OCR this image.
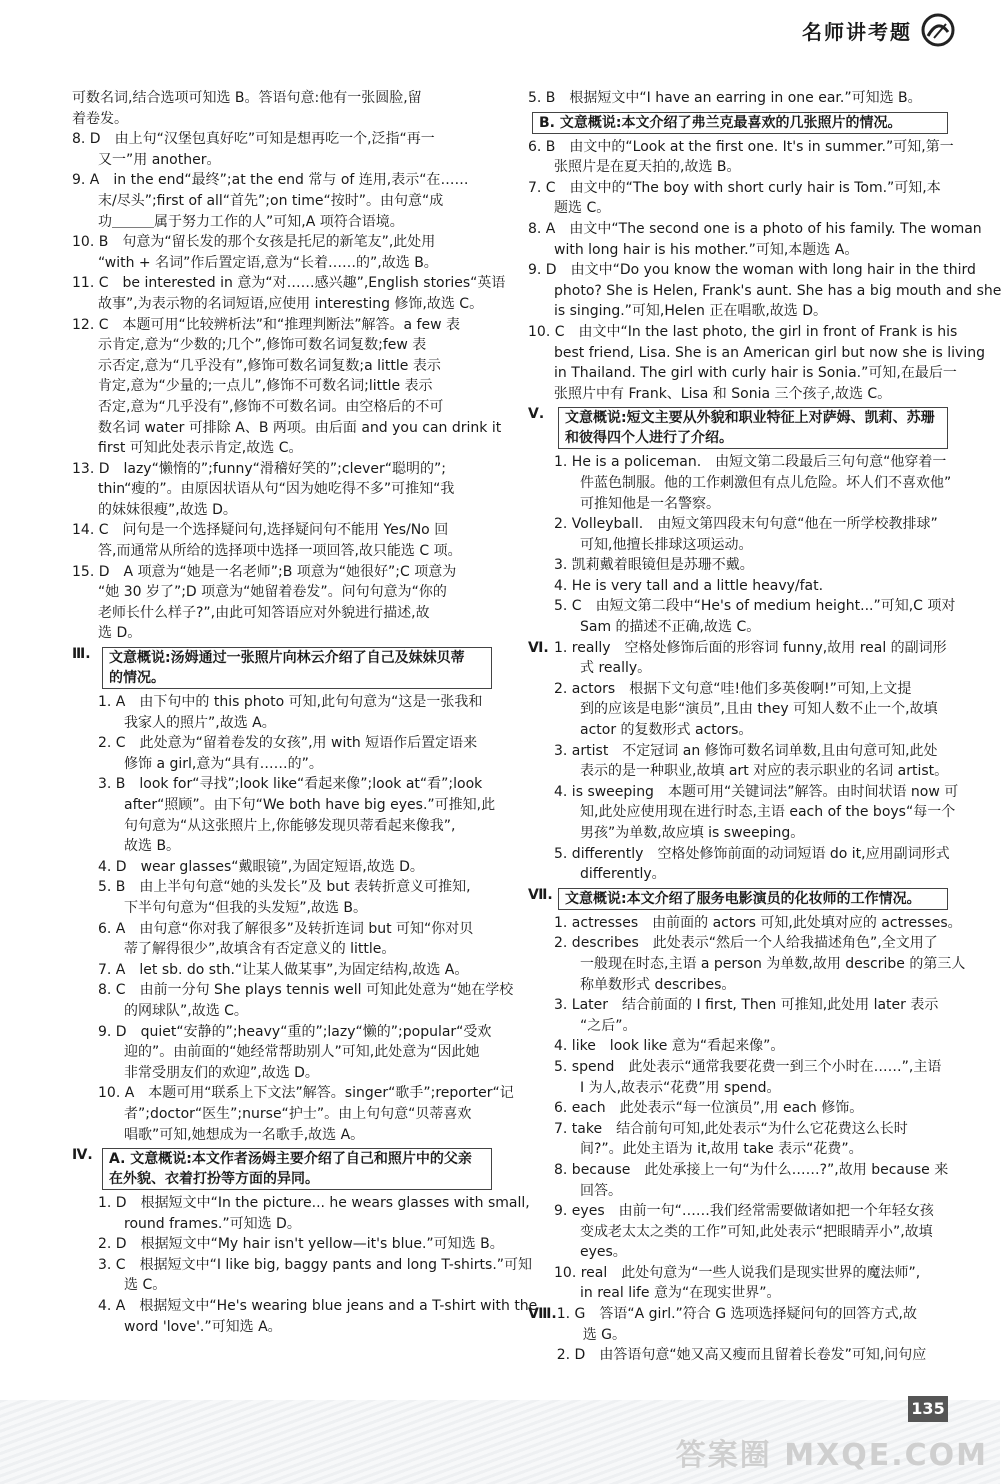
名师讲考题
可数名词,结合选项可知选 B。答语句意:他有一张圆脸,留
着卷发。
8. D　由上句“汉堡包真好吃”可知是想再吃一个,泛指“再一
又一”用 another。
9. A　in the end“最终”;at the end 常与 of 连用,表示“在……
末/尽头”;first of all“首先”;on time“按时”。由句意“成
功＿＿＿属于努力工作的人”可知,A 项符合语境。
10. B　句意为“留长发的那个女孩是托尼的新笔友”,此处用
“with + 名词”作后置定语,意为“长着……的”,故选 B。
11. C　be interested in 意为“对……感兴趣”,English stories“英语
故事”,为表示物的名词短语,应使用 interesting 修饰,故选 C。
12. C　本题可用“比较辨析法”和“推理判断法”解答。a few 表
示肯定,意为“少数的;几个”,修饰可数名词复数;few 表
示否定,意为“几乎没有”,修饰可数名词复数;a little 表示
肯定,意为“少量的;一点儿”,修饰不可数名词;little 表示
否定,意为“几乎没有”,修饰不可数名词。由空格后的不可
数名词 water 可排除 A、B 两项。由后面 and you can drink it
first 可知此处表示肯定,故选 C。
13. D　lazy“懒惰的”;funny“滑稽好笑的”;clever“聪明的”;
thin“瘦的”。由原因状语从句“因为她吃得不多”可推知“我
的妹妹很瘦”,故选 D。
14. C　问句是一个选择疑问句,选择疑问句不能用 Yes/No 回
答,而通常从所给的选择项中选择一项回答,故只能选 C 项。
15. D　A 项意为“她是一名老师”;B 项意为“她很好”;C 项意为
“她 30 岁了”;D 项意为“她留着卷发”。问句句意为“你的
老师长什么样子?”,由此可知答语应对外貌进行描述,故
选 D。
Ⅲ.	文意概说:汤姆通过一张照片向林云介绍了自己及妹妹贝蒂
的情况。
1. A　由下句中的 this photo 可知,此句句意为“这是一张我和
我家人的照片”,故选 A。
2. C　此处意为“留着卷发的女孩”,用 with 短语作后置定语来
修饰 a girl,意为“具有……的”。
3. B　look for“寻找”;look like“看起来像”;look at“看”;look
after“照顾”。由下句“We both have big eyes.”可推知,此
句句意为“从这张照片上,你能够发现贝蒂看起来像我”,
故选 B。
4. D　wear glasses“戴眼镜”,为固定短语,故选 D。
5. B　由上半句句意“她的头发长”及 but 表转折意义可推知,
下半句句意为“但我的头发短”,故选 B。
6. A　由句意“你对我了解很多”及转折连词 but 可知“你对贝
蒂了解得很少”,故填含有否定意义的 little。
7. A　let sb. do sth.“让某人做某事”,为固定结构,故选 A。
8. C　由前一分句 She plays tennis well 可知此处意为“她在学校
的网球队”,故选 C。
9. D　quiet“安静的”;heavy“重的”;lazy“懒的”;popular“受欢
迎的”。由前面的“她经常帮助别人”可知,此处意为“因此她
非常受朋友们的欢迎”,故选 D。
10. A　本题可用“联系上下文法”解答。singer“歌手”;reporter“记
者”;doctor“医生”;nurse“护士”。由上句句意“贝蒂喜欢
唱歌”可知,她想成为一名歌手,故选 A。
Ⅳ.	A. 文意概说:本文作者汤姆主要介绍了自己和照片中的父亲
在外貌、衣着打扮等方面的异同。
1. D　根据短文中“In the picture... he wears glasses with small,
round frames.”可知选 D。
2. D　根据短文中“My hair isn't yellow—it's blue.”可知选 B。
3. C　根据短文中“I like big, baggy pants and long T-shirts.”可知
选 C。
4. A　根据短文中“He's wearing blue jeans and a T-shirt with the
word 'love'.”可知选 A。
5. B　根据短文中“I have an earring in one ear.”可知选 B。
B. 文意概说:本文介绍了弗兰克最喜欢的几张照片的情况。
6. B　由文中的“Look at the first one. It's in summer.”可知,第一
张照片是在夏天拍的,故选 B。
7. C　由文中的“The boy with short curly hair is Tom.”可知,本
题选 C。
8. A　由文中“The second one is a photo of his family. The woman
with long hair is his mother.”可知,本题选 A。
9. D　由文中“Do you know the woman with long hair in the third
photo? She is Helen, Frank's aunt. She has a big mouth and she
is singing.”可知,Helen 正在唱歌,故选 D。
10. C　由文中“In the last photo, the girl in front of Frank is his
best friend, Lisa. She is an American girl but now she is living
in Thailand. The girl with curly hair is Sonia.”可知,在最后一
张照片中有 Frank、Lisa 和 Sonia 三个孩子,故选 C。
Ⅴ.	文意概说:短文主要从外貌和职业特征上对萨姆、凯莉、苏珊
和彼得四个人进行了介绍。
1. He is a policeman.　由短文第二段最后三句句意“他穿着一
件蓝色制服。他的工作刺激但有点儿危险。坏人们不喜欢他”
可推知他是一名警察。
2. Volleyball.　由短文第四段末句句意“他在一所学校教排球”
可知,他擅长排球这项运动。
3. 凯莉戴着眼镜但是苏珊不戴。
4. He is very tall and a little heavy/fat.
5. C　由短文第二段中“He's of medium height...”可知,C 项对
Sam 的描述不正确,故选 C。
Ⅵ. 1. really　空格处修饰后面的形容词 funny,故用 real 的副词形
式 really。
2. actors　根据下文句意“哇!他们多英俊啊!”可知,上文提
到的应该是电影“演员”,且由 they 可知人数不止一个,故填
actor 的复数形式 actors。
3. artist　不定冠词 an 修饰可数名词单数,且由句意可知,此处
表示的是一种职业,故填 art 对应的表示职业的名词 artist。
4. is sweeping　本题可用“关键词法”解答。由时间状语 now 可
知,此处应使用现在进行时态,主语 each of the boys“每一个
男孩”为单数,故应填 is sweeping。
5. differently　空格处修饰前面的动词短语 do it,应用副词形式
differently。
Ⅶ. 文意概说:本文介绍了服务电影演员的化妆师的工作情况。
1. actresses　由前面的 actors 可知,此处填对应的 actresses。
2. describes　此处表示“然后一个人给我描述角色”,全文用了
一般现在时态,主语 a person 为单数,故用 describe 的第三人
称单数形式 describes。
3. Later　结合前面的 I first, Then 可推知,此处用 later 表示
“之后”。
4. like　look like 意为“看起来像”。
5. spend　此处表示“通常我要花费一到三个小时在……”,主语
I 为人,故表示“花费”用 spend。
6. each　此处表示“每一位演员”,用 each 修饰。
7. take　结合前句可知,此处表示“为什么它花费这么长时
间?”。此处主语为 it,故用 take 表示“花费”。
8. because　此处承接上一句“为什么……?”,故用 because 来
回答。
9. eyes　由前一句“……我们经常需要做诸如把一个年轻女孩
变成老太太之类的工作”可知,此处表示“把眼睛弄小”,故填
eyes。
10. real　此处句意为“一些人说我们是现实世界的魔法师”,
in real life 意为“在现实世界”。
Ⅷ. 1. G　答语“A girl.”符合 G 选项选择疑问句的回答方式,故
选 G。
2. D　由答语句意“她又高又瘦而且留着长卷发”可知,问句应
135
答案圈 MXQE.COM
